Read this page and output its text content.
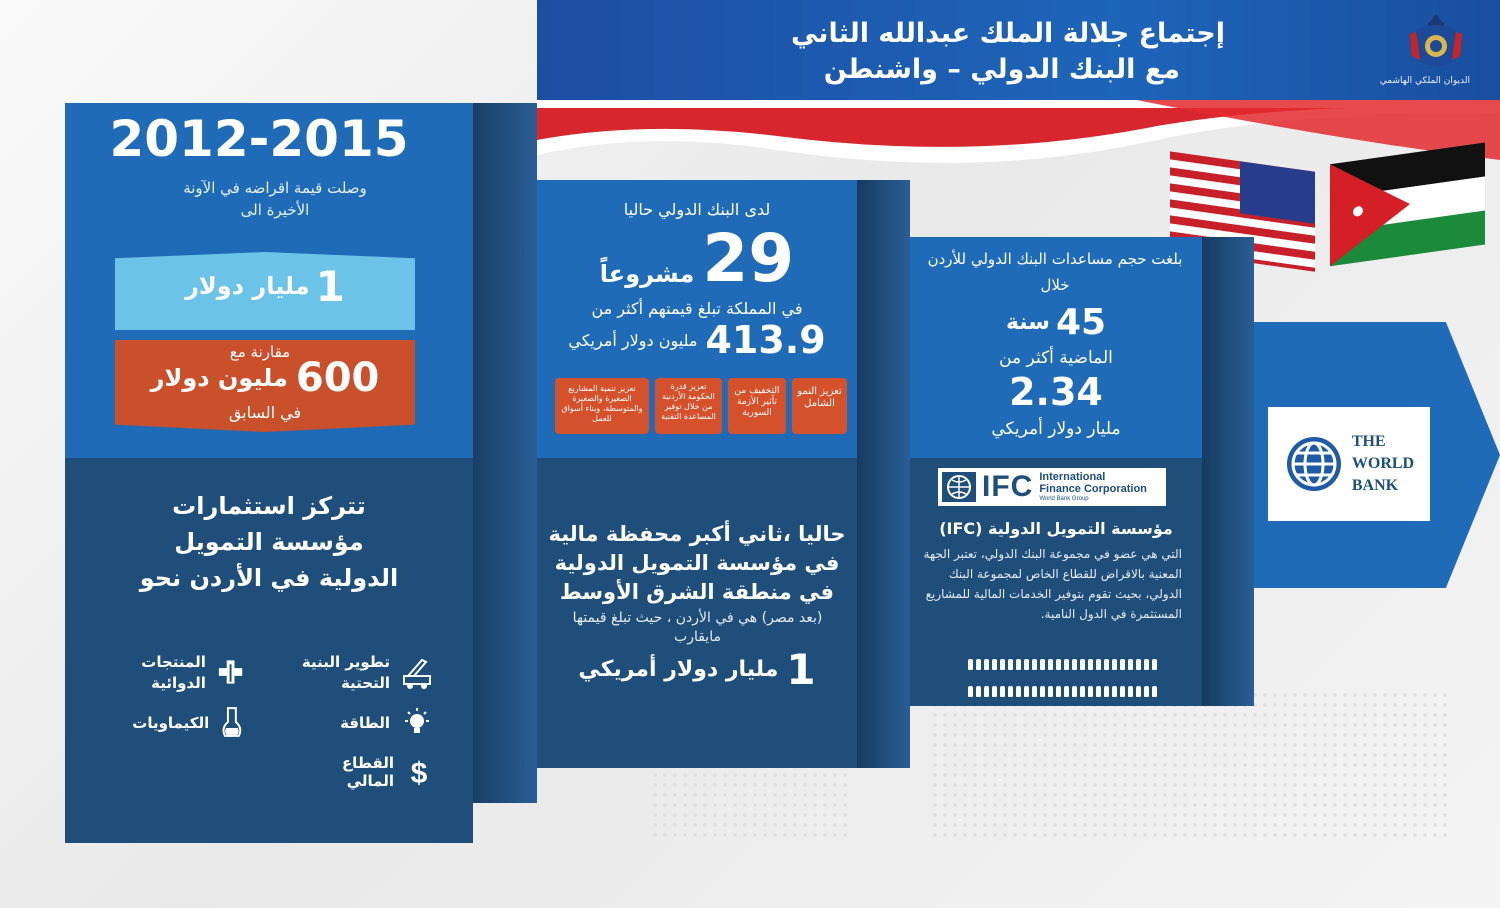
إجتماع جلالة الملك عبدالله الثاني
مع البنك الدولي – واشنطن	الديوان الملكي الهاشمي
2012-2015
وصلت قيمة اقراضه في الآونة الأخيرة الى
1
مليار دولار
مقارنة مع
600
مليون دولار
في السابق
تتركز استثمارات
مؤسسة التمويل
الدولية في الأردن نحو
تطوير البنية التحتية
المنتجات الدوائية
الطاقة
الكيماويات
$
القطاع المالي
لدى البنك الدولي حاليا
29
مشروعاً
في المملكة تبلغ قيمتهم أكثر من
413.9
مليون دولار أمريكي
تعزيز النمو الشامل
التخفيف من تأثير الأزمة السورية
تعزيز قدرة الحكومة الأردنية من خلال توفير المساعدة التقنية
تعزيز تنمية المشاريع الصغيرة والصغيرة والمتوسطة، وبناء أسواق للعمل
حاليا ،ثاني أكبر محفظة مالية
في مؤسسة التمويل الدولية
في منطقة الشرق الأوسط
(بعد مصر) هي في الأردن ، حيث تبلغ قيمتها مايقارب
1
مليار دولار أمريكي
بلغت حجم مساعدات البنك الدولي للأردن خلال
45
سنة
الماضية أكثر من
2.34
مليار دولار أمريكي
IFC International
Finance Corporation
World Bank Group
مؤسسة التمويل الدولية (IFC)
التي هي عضو في مجموعة البنك الدولي، تعتبر الجهة المعنية بالاقراض للقطاع الخاص لمجموعة البنك الدولي، بحيث تقوم بتوفير الخدمات المالية للمشاريع المستثمرة في الدول النامية.
THE
WORLD
BANK
